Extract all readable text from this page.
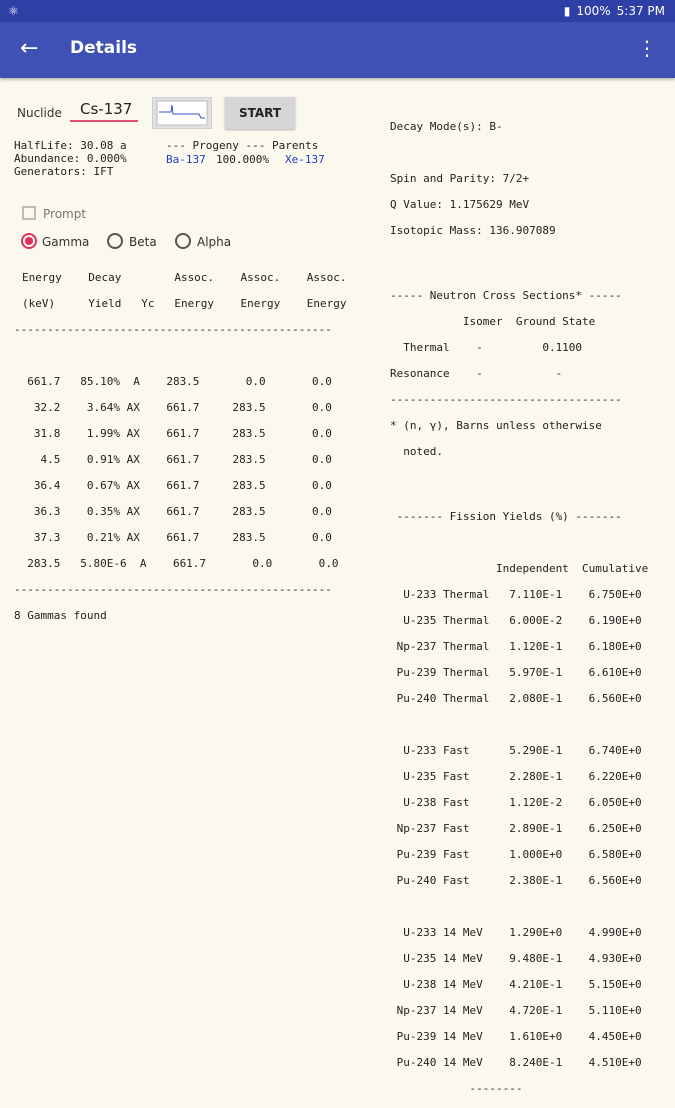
⚛	▮ 100% 5:37 PM
←	Details	⋮
Nuclide
Cs-137	START
HalfLife: 30.08 a
Abundance: 0.000%
Generators: IFT
--- Progeny --- Parents
Ba-137 100.000% Xe-137
Prompt
Gamma	Beta	Alpha

Energy    Decay        Assoc.    Assoc.    Assoc.

(keV)     Yield   Yc   Energy    Energy    Energy

------------------------------------------------

661.7   85.10%  A    283.5       0.0       0.0

32.2    3.64% AX    661.7     283.5       0.0

31.8    1.99% AX    661.7     283.5       0.0

4.5    0.91% AX    661.7     283.5       0.0

36.4    0.67% AX    661.7     283.5       0.0

36.3    0.35% AX    661.7     283.5       0.0

37.3    0.21% AX    661.7     283.5       0.0

283.5   5.80E-6  A    661.7       0.0       0.0

------------------------------------------------

8 Gammas found

Decay Mode(s): B-

Spin and Parity: 7/2+

Q Value: 1.175629 MeV

Isotopic Mass: 136.907089

----- Neutron Cross Sections* -----

Isomer  Ground State

Thermal    -         0.1100

Resonance    -           -

-----------------------------------

* (n, γ), Barns unless otherwise

noted.

------- Fission Yields (%) -------

Independent  Cumulative

U-233 Thermal   7.110E-1    6.750E+0

U-235 Thermal   6.000E-2    6.190E+0

Np-237 Thermal   1.120E-1    6.180E+0

Pu-239 Thermal   5.970E-1    6.610E+0

Pu-240 Thermal   2.080E-1    6.560E+0

U-233 Fast      5.290E-1    6.740E+0

U-235 Fast      2.280E-1    6.220E+0

U-238 Fast      1.120E-2    6.050E+0

Np-237 Fast      2.890E-1    6.250E+0

Pu-239 Fast      1.000E+0    6.580E+0

Pu-240 Fast      2.380E-1    6.560E+0

U-233 14 MeV    1.290E+0    4.990E+0

U-235 14 MeV    9.480E-1    4.930E+0

U-238 14 MeV    4.210E-1    5.150E+0

Np-237 14 MeV    4.720E-1    5.110E+0

Pu-239 14 MeV    1.610E+0    4.450E+0

Pu-240 14 MeV    8.240E-1    4.510E+0

--------
